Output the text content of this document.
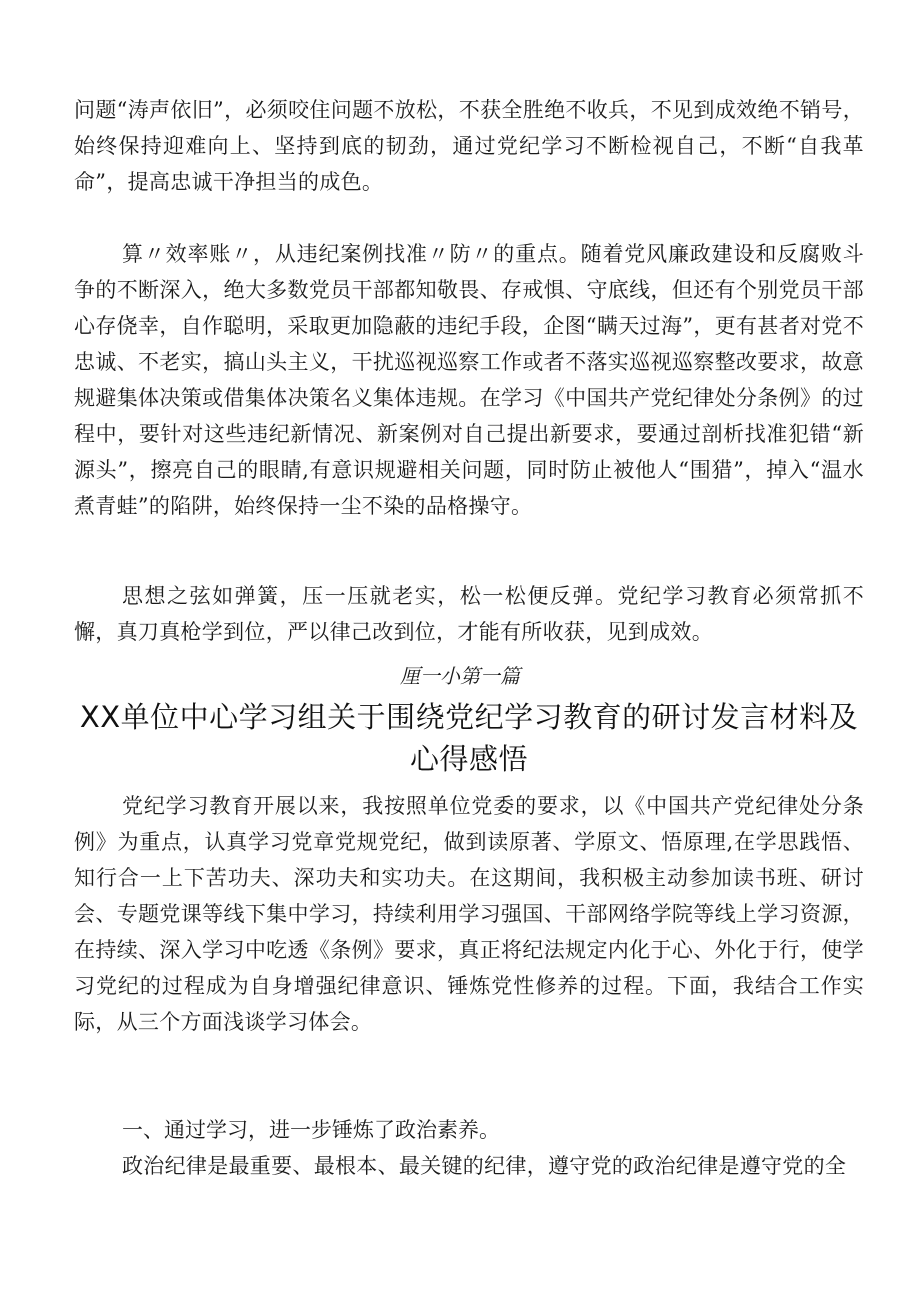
问题“涛声依旧”，必须咬住问题不放松，不获全胜绝不收兵，不见到成效绝不销号，始终保持迎难向上、坚持到底的韧劲，通过党纪学习不断检视自己，不断“自我革命”，提高忠诚干净担当的成色。

算〃效率账〃，从违纪案例找准〃防〃的重点。随着党风廉政建设和反腐败斗争的不断深入，绝大多数党员干部都知敬畏、存戒惧、守底线，但还有个别党员干部心存侥幸，自作聪明，采取更加隐蔽的违纪手段，企图“瞒天过海”，更有甚者对党不忠诚、不老实，搞山头主义，干扰巡视巡察工作或者不落实巡视巡察整改要求，故意规避集体决策或借集体决策名义集体违规。在学习《中国共产党纪律处分条例》的过程中，要针对这些违纪新情况、新案例对自己提出新要求，要通过剖析找准犯错“新源头”，擦亮自己的眼睛,有意识规避相关问题，同时防止被他人“围猎”，掉入“温水煮青蛙”的陷阱，始终保持一尘不染的品格操守。

思想之弦如弹簧，压一压就老实，松一松便反弹。党纪学习教育必须常抓不懈，真刀真枪学到位，严以律己改到位，才能有所收获，见到成效。

厘一小第一篇

XX单位中心学习组关于围绕党纪学习教育的研讨发言材料及
心得感悟

党纪学习教育开展以来，我按照单位党委的要求，以《中国共产党纪律处分条例》为重点，认真学习党章党规党纪，做到读原著、学原文、悟原理,在学思践悟、知行合一上下苦功夫、深功夫和实功夫。在这期间，我积极主动参加读书班、研讨会、专题党课等线下集中学习，持续利用学习强国、干部网络学院等线上学习资源，在持续、深入学习中吃透《条例》要求，真正将纪法规定内化于心、外化于行，使学习党纪的过程成为自身增强纪律意识、锤炼党性修养的过程。下面，我结合工作实际，从三个方面浅谈学习体会。

一、通过学习，进一步锤炼了政治素养。

政治纪律是最重要、最根本、最关键的纪律，遵守党的政治纪律是遵守党的全
